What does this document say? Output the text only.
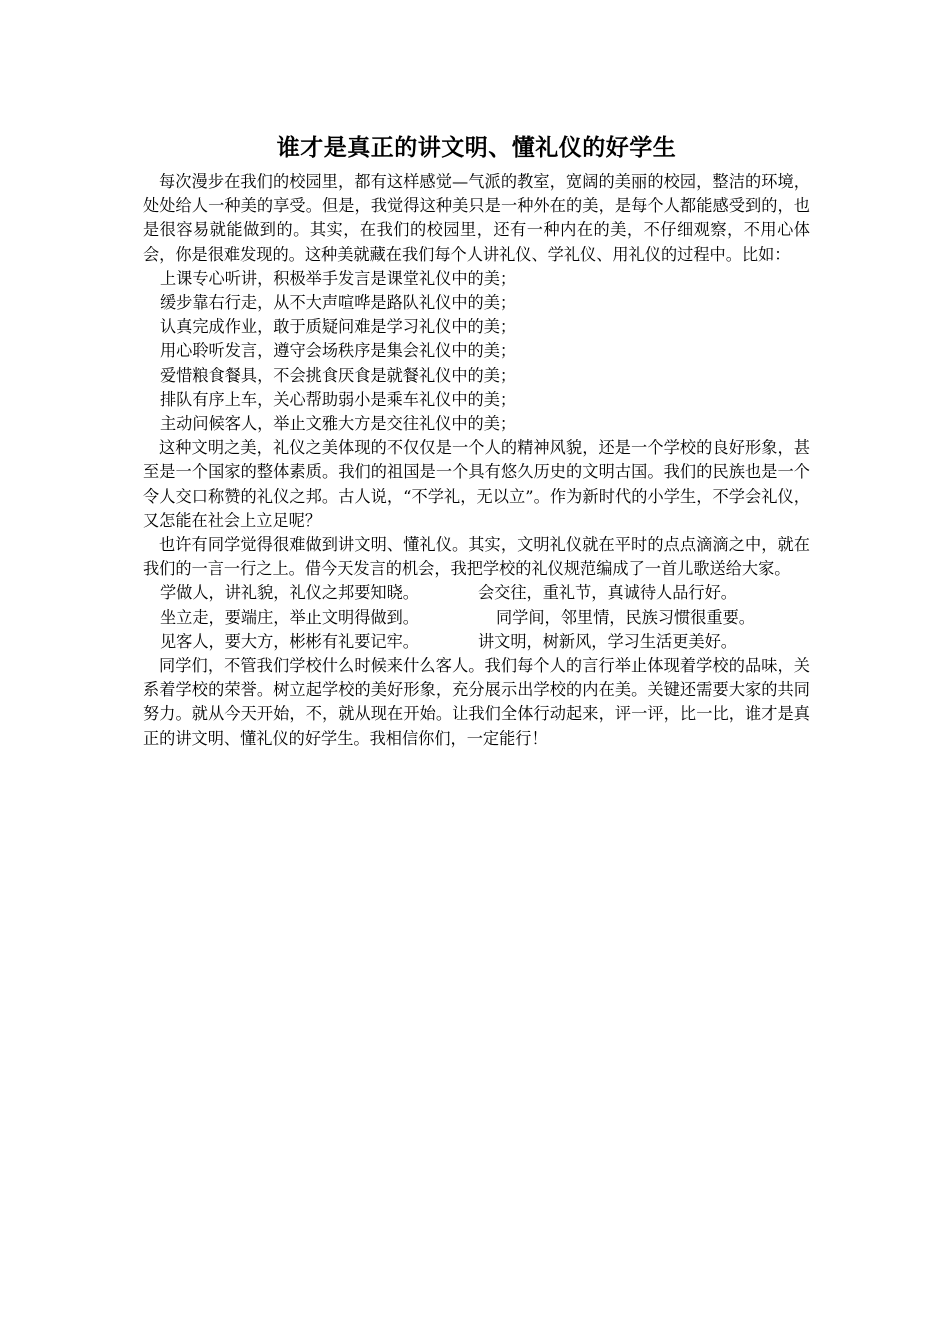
谁才是真正的讲文明、懂礼仪的好学生

每次漫步在我们的校园里，都有这样感觉—气派的教室，宽阔的美丽的校园，整洁的环境，处处给人一种美的享受。但是，我觉得这种美只是一种外在的美，是每个人都能感受到的，也是很容易就能做到的。其实，在我们的校园里，还有一种内在的美，不仔细观察，不用心体会，你是很难发现的。这种美就藏在我们每个人讲礼仪、学礼仪、用礼仪的过程中。比如：

上课专心听讲，积极举手发言是课堂礼仪中的美；

缓步靠右行走，从不大声喧哗是路队礼仪中的美；

认真完成作业，敢于质疑问难是学习礼仪中的美；

用心聆听发言，遵守会场秩序是集会礼仪中的美；

爱惜粮食餐具，不会挑食厌食是就餐礼仪中的美；

排队有序上车，关心帮助弱小是乘车礼仪中的美；

主动问候客人，举止文雅大方是交往礼仪中的美；

这种文明之美，礼仪之美体现的不仅仅是一个人的精神风貌，还是一个学校的良好形象，甚至是一个国家的整体素质。我们的祖国是一个具有悠久历史的文明古国。我们的民族也是一个令人交口称赞的礼仪之邦。古人说，“不学礼，无以立”。作为新时代的小学生，不学会礼仪，又怎能在社会上立足呢？

也许有同学觉得很难做到讲文明、懂礼仪。其实，文明礼仪就在平时的点点滴滴之中，就在我们的一言一行之上。借今天发言的机会，我把学校的礼仪规范编成了一首儿歌送给大家。

学做人，讲礼貌，礼仪之邦要知晓。	会交往，重礼节，真诚待人品行好。

坐立走，要端庄，举止文明得做到。	同学间，邻里情，民族习惯很重要。

见客人，要大方，彬彬有礼要记牢。	讲文明，树新风，学习生活更美好。

同学们，不管我们学校什么时候来什么客人。我们每个人的言行举止体现着学校的品味，关系着学校的荣誉。树立起学校的美好形象，充分展示出学校的内在美。关键还需要大家的共同努力。就从今天开始，不，就从现在开始。让我们全体行动起来，评一评，比一比，谁才是真正的讲文明、懂礼仪的好学生。我相信你们，一定能行！
